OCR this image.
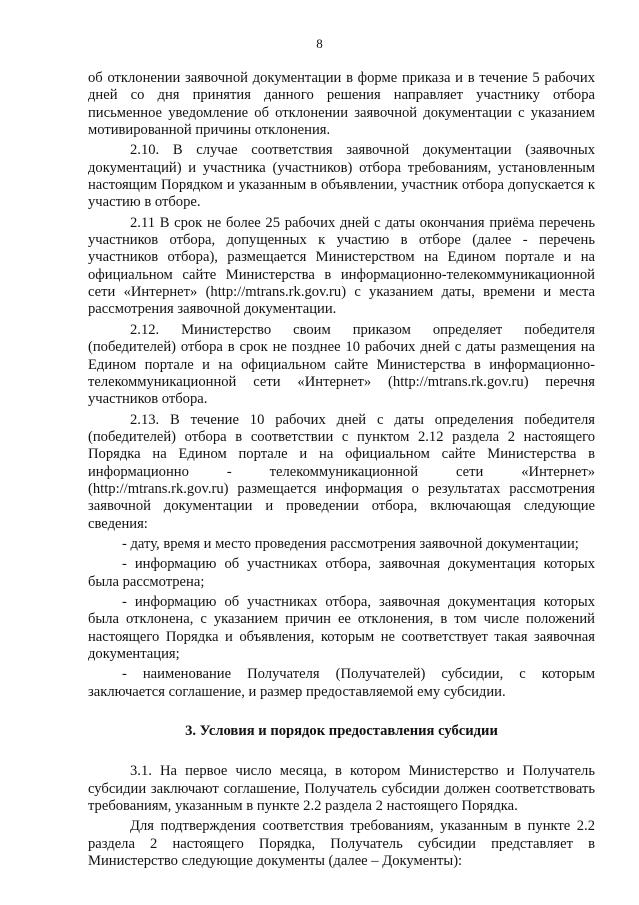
8
об отклонении заявочной документации в форме приказа и в течение 5 рабочих дней со дня принятия данного решения направляет участнику отбора письменное уведомление об отклонении заявочной документации с указанием мотивированной причины отклонения.
2.10. В случае соответствия заявочной документации (заявочных документаций) и участника (участников) отбора требованиям, установленным настоящим Порядком и указанным в объявлении, участник отбора допускается к участию в отборе.
2.11 В срок не более 25 рабочих дней с даты окончания приёма перечень участников отбора, допущенных к участию в отборе (далее - перечень участников отбора), размещается Министерством на Едином портале и на официальном сайте Министерства в информационно-телекоммуникационной сети «Интернет» (http://mtrans.rk.gov.ru) с указанием даты, времени и места рассмотрения заявочной документации.
2.12. Министерство своим приказом определяет победителя (победителей) отбора в срок не позднее 10 рабочих дней с даты размещения на Едином портале и на официальном сайте Министерства в информационно-телекоммуникационной сети «Интернет» (http://mtrans.rk.gov.ru) перечня участников отбора.
2.13. В течение 10 рабочих дней с даты определения победителя (победителей) отбора в соответствии с пунктом 2.12 раздела 2 настоящего Порядка на Едином портале и на официальном сайте Министерства в информационно - телекоммуникационной сети «Интернет» (http://mtrans.rk.gov.ru) размещается информация о результатах рассмотрения заявочной документации и проведении отбора, включающая следующие сведения:
- дату, время и место проведения рассмотрения заявочной документации;
- информацию об участниках отбора, заявочная документация которых была рассмотрена;
- информацию об участниках отбора, заявочная документация которых была отклонена, с указанием причин ее отклонения, в том числе положений настоящего Порядка и объявления, которым не соответствует такая заявочная документация;
- наименование Получателя (Получателей) субсидии, с которым заключается соглашение, и размер предоставляемой ему субсидии.
3. Условия и порядок предоставления субсидии
3.1. На первое число месяца, в котором Министерство и Получатель субсидии заключают соглашение, Получатель субсидии должен соответствовать требованиям, указанным в пункте 2.2 раздела 2 настоящего Порядка.
Для подтверждения соответствия требованиям, указанным в пункте 2.2 раздела 2 настоящего Порядка, Получатель субсидии представляет в Министерство следующие документы (далее – Документы):
